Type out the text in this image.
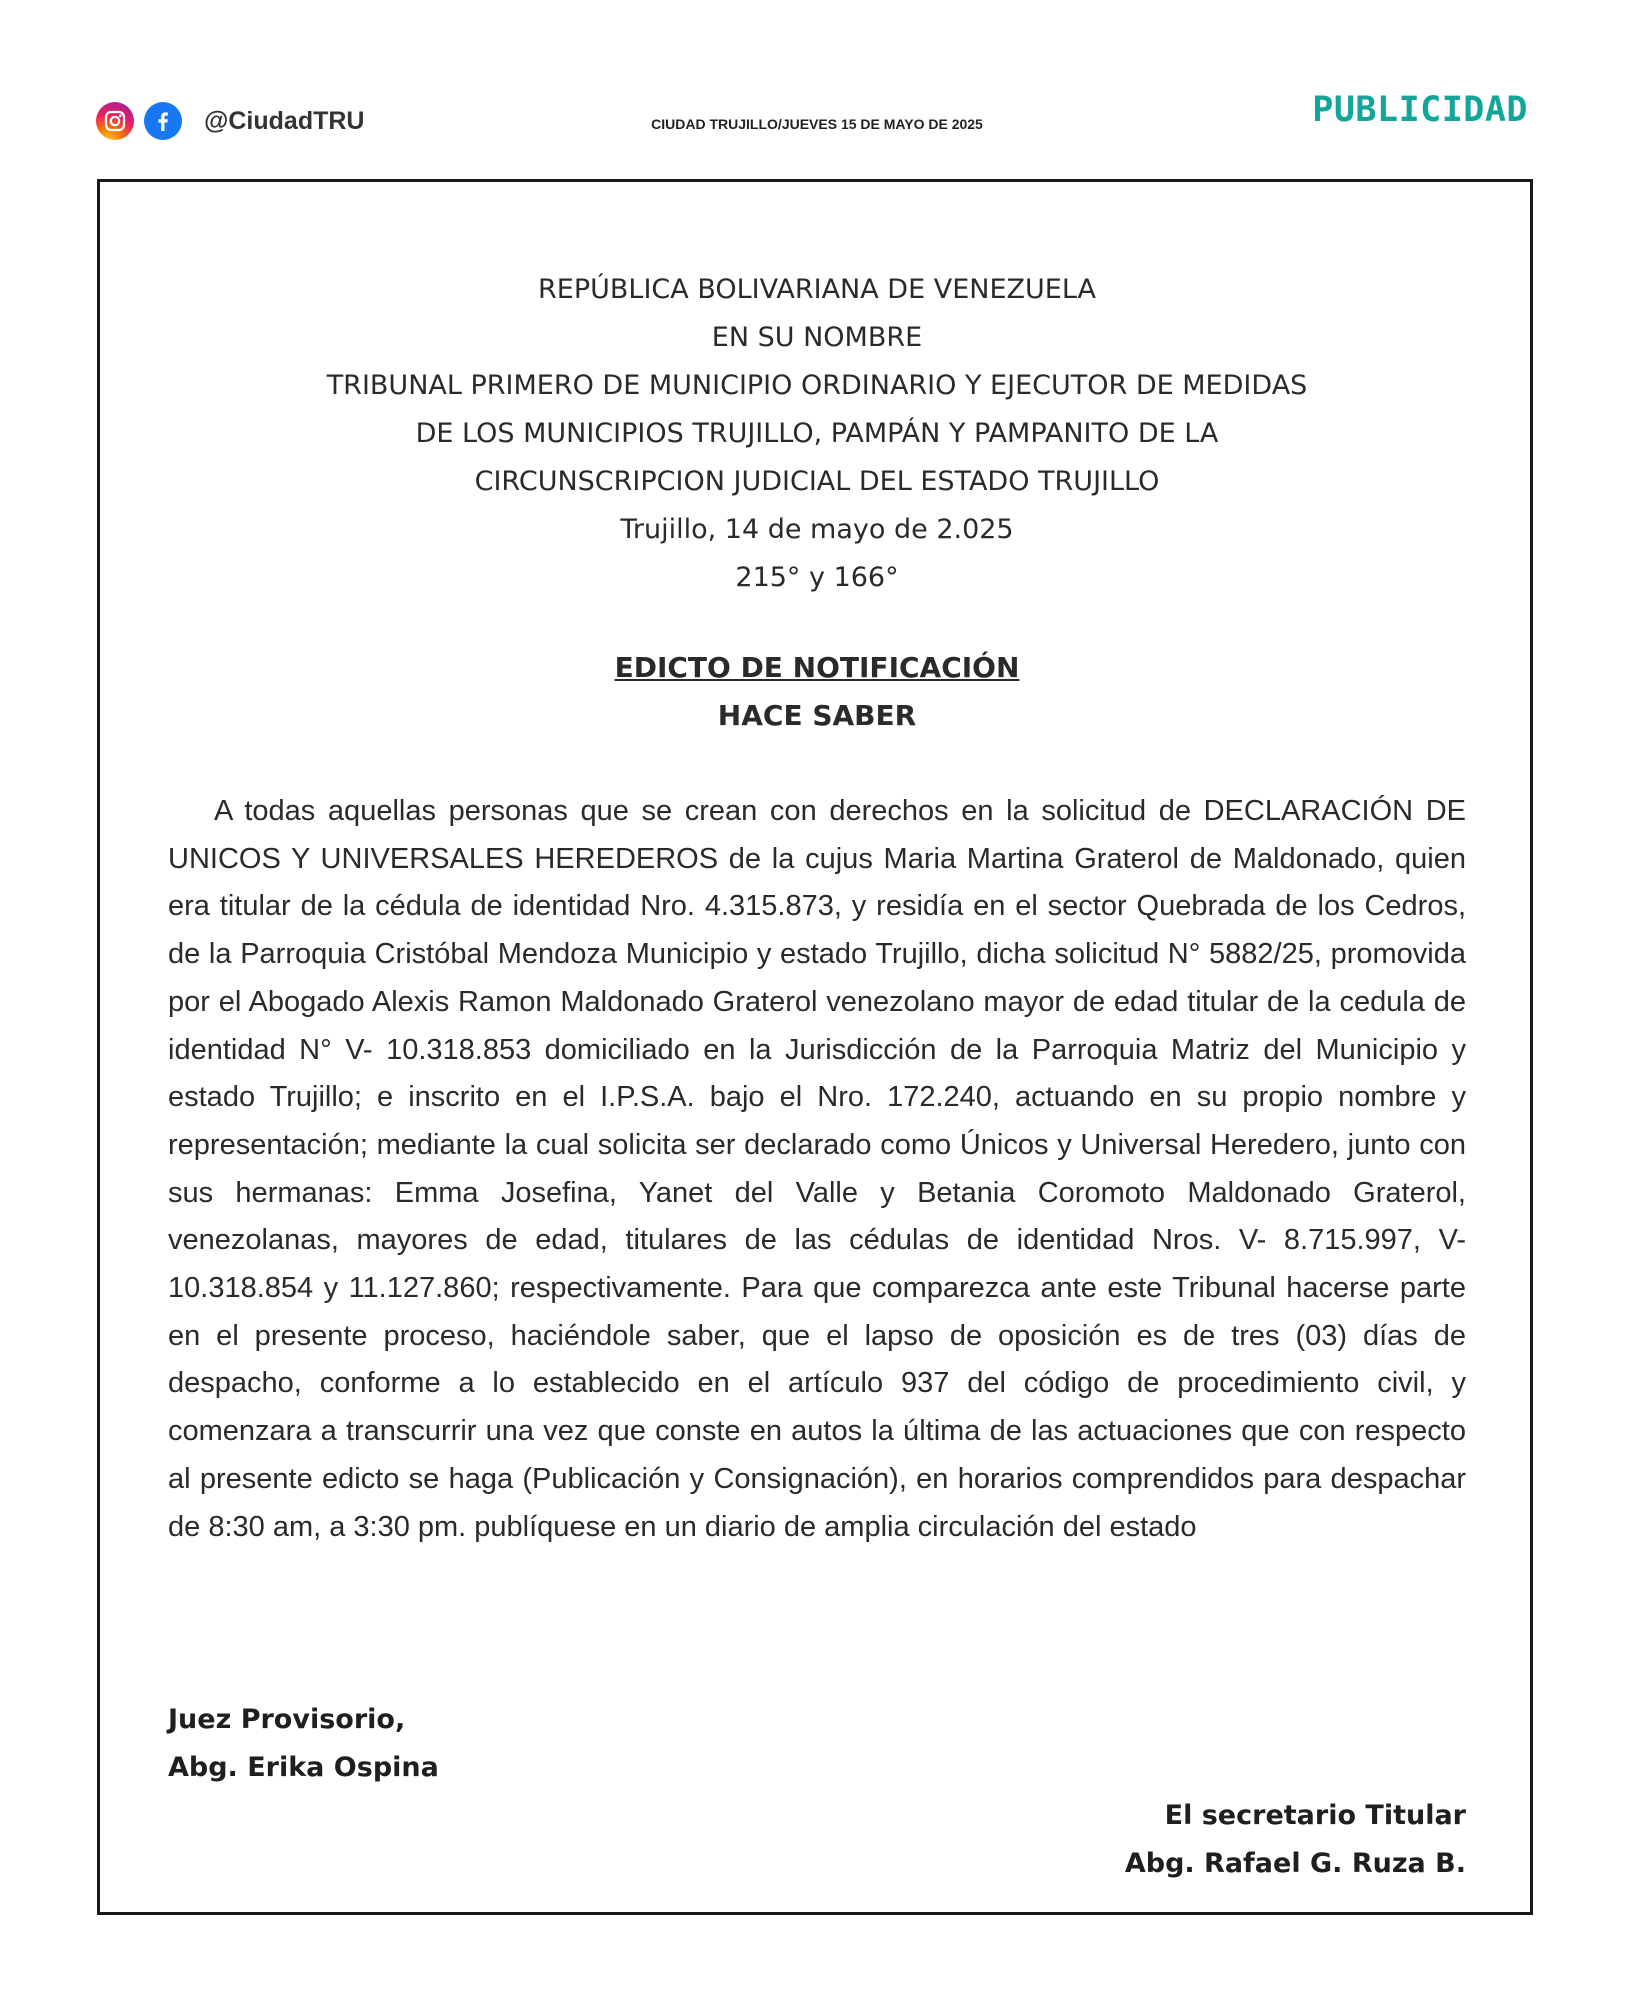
@CiudadTRU	CIUDAD TRUJILLO/JUEVES 15 DE MAYO DE 2025	PUBLICIDAD
REPÚBLICA BOLIVARIANA DE VENEZUELA
EN SU NOMBRE
TRIBUNAL PRIMERO DE MUNICIPIO ORDINARIO Y EJECUTOR DE MEDIDAS
DE LOS MUNICIPIOS TRUJILLO, PAMPÁN Y PAMPANITO DE LA
CIRCUNSCRIPCION JUDICIAL DEL ESTADO TRUJILLO
Trujillo, 14 de mayo de 2.025
215° y 166°
EDICTO DE NOTIFICACIÓN
HACE SABER

A todas aquellas personas que se crean con derechos en la solicitud de DECLARACIÓN DE UNICOS Y UNIVERSALES HEREDEROS de la cujus Maria Martina Graterol de Maldonado, quien era titular de la cédula de identidad Nro. 4.315.873, y residía en el sector Quebrada de los Cedros, de la Parroquia Cristóbal Mendoza Municipio y estado Trujillo, dicha solicitud N° 5882/25, promovida por el Abogado Alexis Ramon Maldonado Graterol venezolano mayor de edad titular de la cedula de identidad N° V- 10.318.853 domiciliado en la Jurisdicción de la Parroquia Matriz del Municipio y estado Trujillo; e inscrito en el I.P.S.A. bajo el Nro. 172.240, actuando en su propio nombre y representación; mediante la cual solicita ser declarado como Únicos y Universal Heredero, junto con sus hermanas: Emma Josefina, Yanet del Valle y Betania Coromoto Maldonado Graterol, venezolanas, mayores de edad, titulares de las cédulas de identidad Nros. V- 8.715.997, V- 10.318.854 y 11.127.860; respectivamente. Para que comparezca ante este Tribunal hacerse parte en el presente proceso, haciéndole saber, que el lapso de oposición es de tres (03) días de despacho, conforme a lo establecido en el artículo 937 del código de procedimiento civil, y comenzara a transcurrir una vez que conste en autos la última de las actuaciones que con respecto al presente edicto se haga (Publicación y Consignación), en horarios comprendidos para despachar de 8:30 am, a 3:30 pm. publíquese en un diario de amplia circulación del estado

Juez Provisorio,
Abg. Erika Ospina
El secretario Titular
Abg. Rafael G. Ruza B.
